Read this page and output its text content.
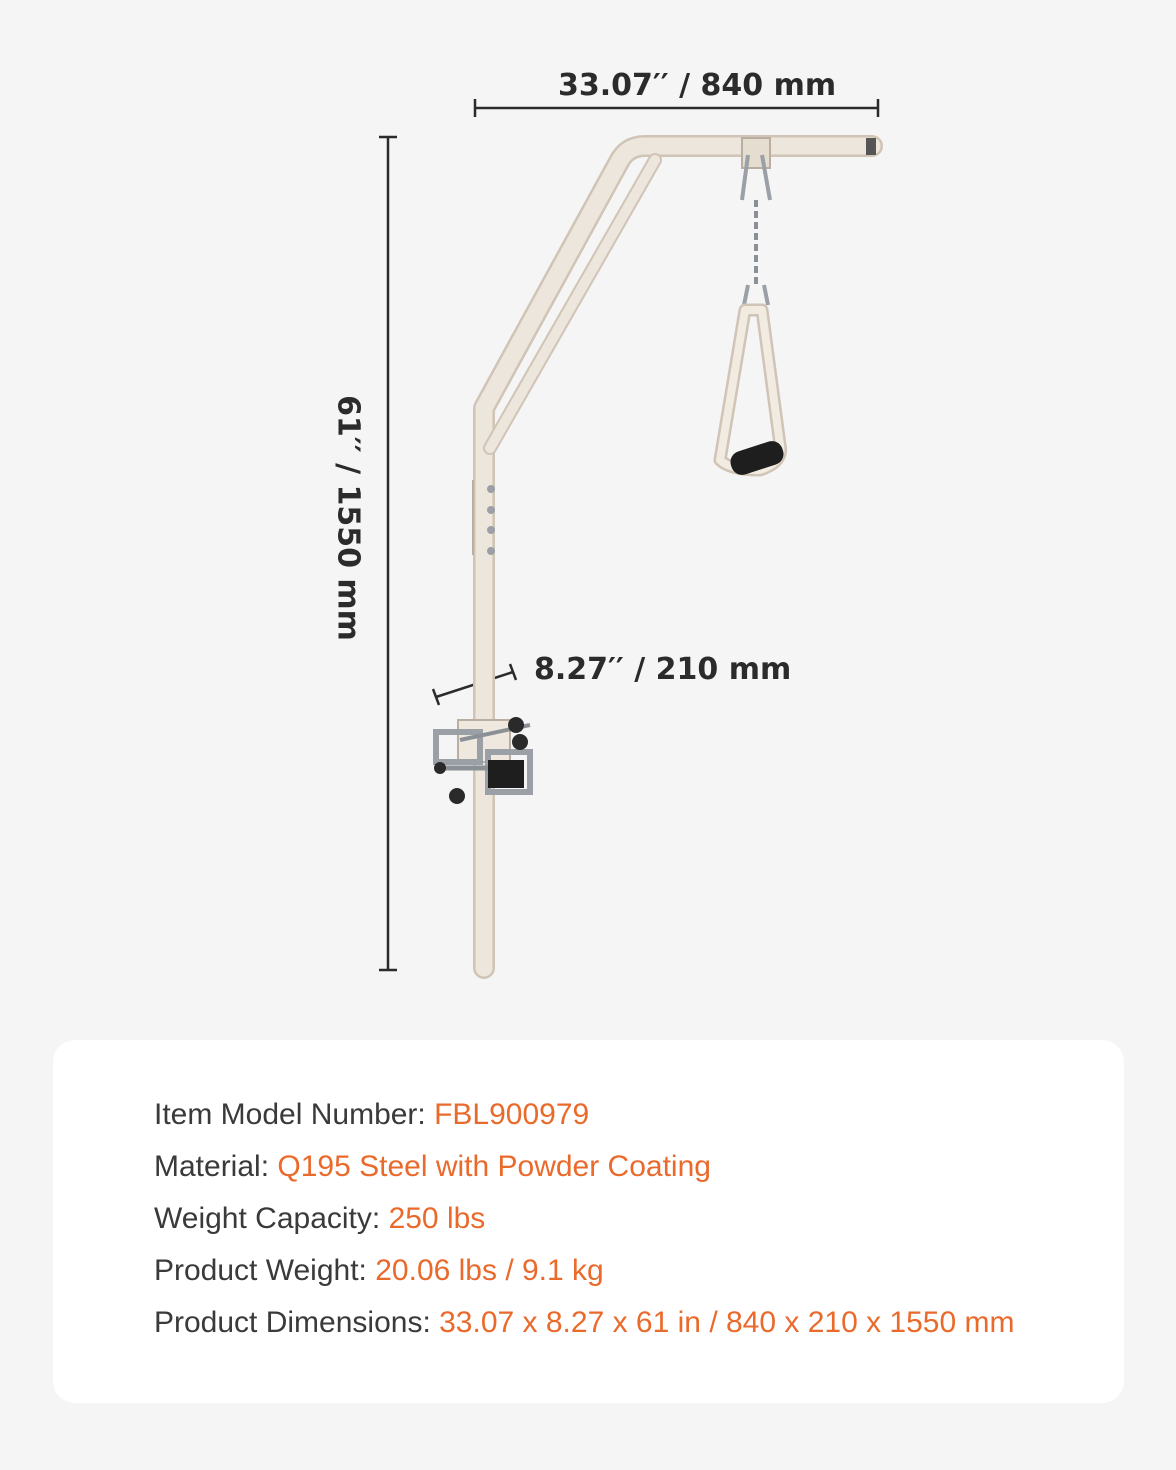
33.07′′ / 840 mm
61′′ / 1550 mm
8.27′′ / 210 mm
Item Model Number: FBL900979
Material: Q195 Steel with Powder Coating
Weight Capacity: 250 lbs
Product Weight: 20.06 lbs / 9.1 kg
Product Dimensions: 33.07 x 8.27 x 61 in / 840 x 210 x 1550 mm
